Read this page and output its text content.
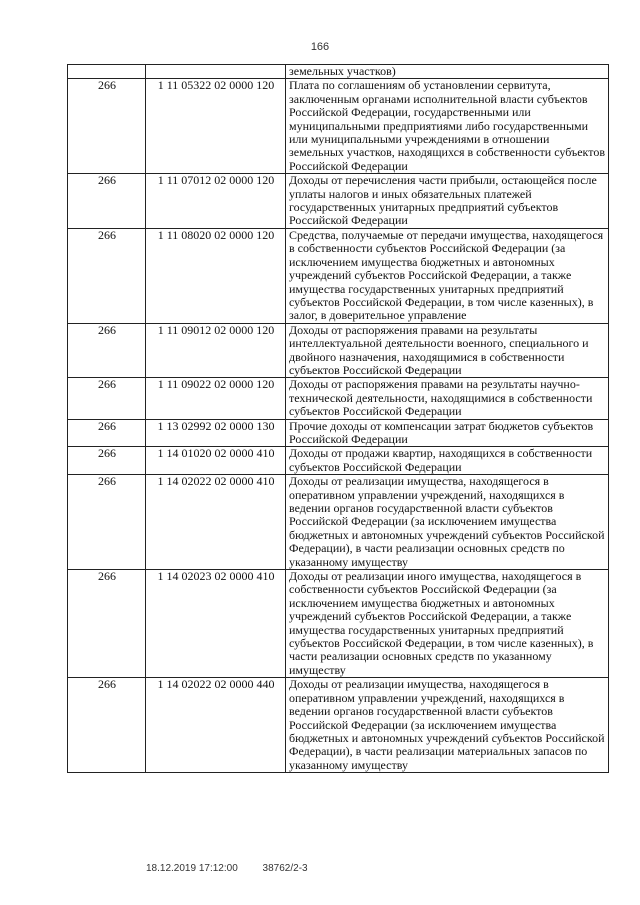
166
		земельных участков)
266	1 11 05322 02 0000 120	Плата по соглашениям об установлении сервитута, заключенным органами исполнительной власти субъектов Российской Федерации, государственными или муниципальными предприятиями либо государственными или муниципальными учреждениями в отношении земельных участков, находящихся в собственности субъектов Российской Федерации
266	1 11 07012 02 0000 120	Доходы от перечисления части прибыли, остающейся после уплаты налогов и иных обязательных платежей государственных унитарных предприятий субъектов Российской Федерации
266	1 11 08020 02 0000 120	Средства, получаемые от передачи имущества, находящегося в собственности субъектов Российской Федерации (за исключением имущества бюджетных и автономных учреждений субъектов Российской Федерации, а также имущества государственных унитарных предприятий субъектов Российской Федерации, в том числе казенных), в залог, в доверительное управление
266	1 11 09012 02 0000 120	Доходы от распоряжения правами на результаты интеллектуальной деятельности военного, специального и двойного назначения, находящимися в собственности субъектов Российской Федерации
266	1 11 09022 02 0000 120	Доходы от распоряжения правами на результаты научно-технической деятельности, находящимися в собственности субъектов Российской Федерации
266	1 13 02992 02 0000 130	Прочие доходы от компенсации затрат бюджетов субъектов Российской Федерации
266	1 14 01020 02 0000 410	Доходы от продажи квартир, находящихся в собственности субъектов Российской Федерации
266	1 14 02022 02 0000 410	Доходы от реализации имущества, находящегося в оперативном управлении учреждений, находящихся в ведении органов государственной власти субъектов Российской Федерации (за исключением имущества бюджетных и автономных учреждений субъектов Российской Федерации), в части реализации основных средств по указанному имуществу
266	1 14 02023 02 0000 410	Доходы от реализации иного имущества, находящегося в собственности субъектов Российской Федерации (за исключением имущества бюджетных и автономных учреждений субъектов Российской Федерации, а также имущества государственных унитарных предприятий субъектов Российской Федерации, в том числе казенных), в части реализации основных средств по указанному имуществу
266	1 14 02022 02 0000 440	Доходы от реализации имущества, находящегося в оперативном управлении учреждений, находящихся в ведении органов государственной власти субъектов Российской Федерации (за исключением имущества бюджетных и автономных учреждений субъектов Российской Федерации), в части реализации материальных запасов по указанному имуществу
18.12.2019 17:12:00 38762/2-3
